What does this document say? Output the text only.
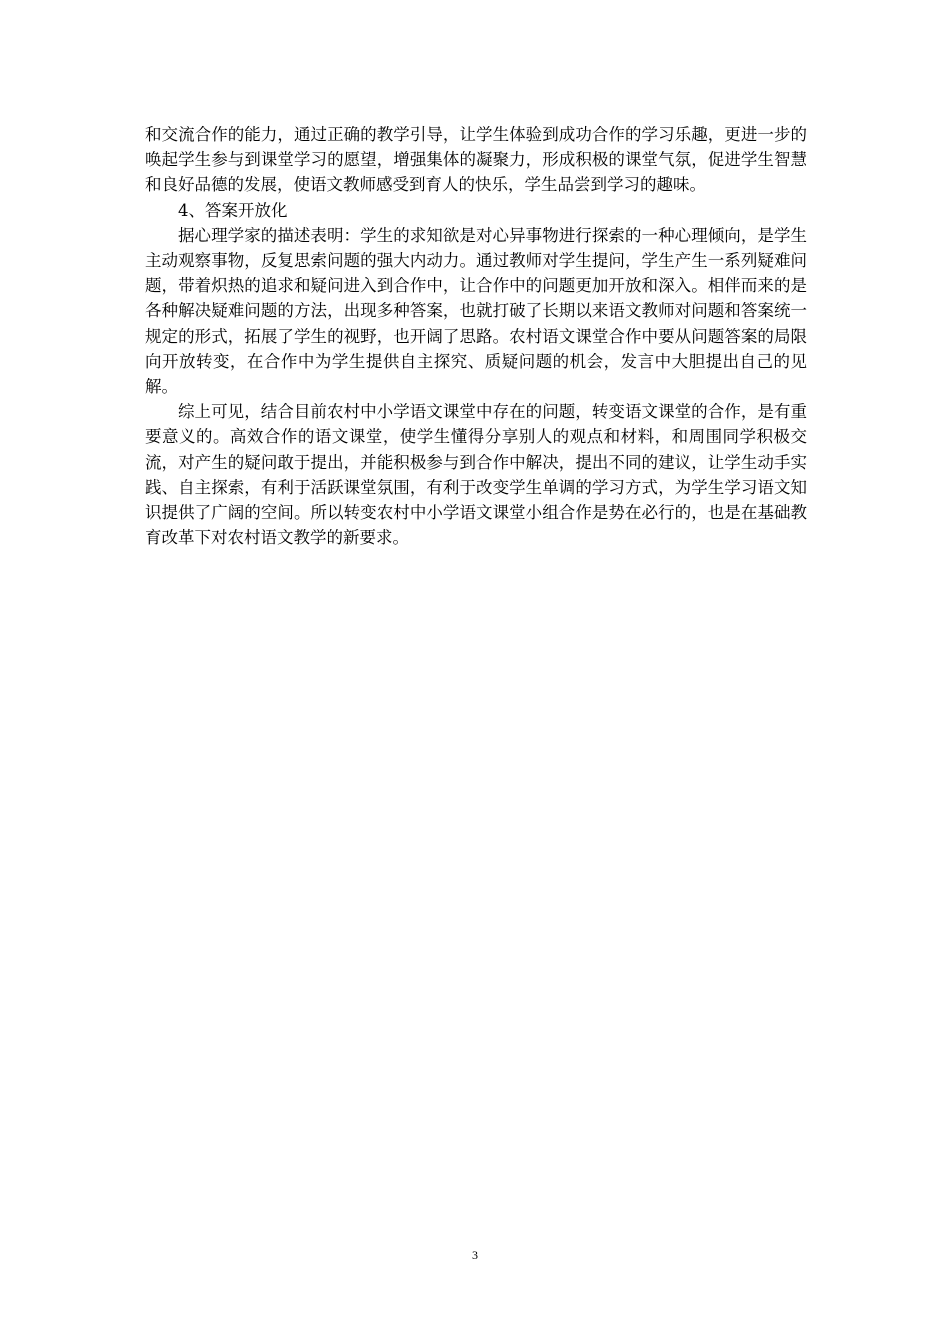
和交流合作的能力，通过正确的教学引导，让学生体验到成功合作的学习乐趣，更进一步的唤起学生参与到课堂学习的愿望，增强集体的凝聚力，形成积极的课堂气氛，促进学生智慧和良好品德的发展，使语文教师感受到育人的快乐，学生品尝到学习的趣味。

4、答案开放化

据心理学家的描述表明：学生的求知欲是对心异事物进行探索的一种心理倾向，是学生主动观察事物，反复思索问题的强大内动力。通过教师对学生提问，学生产生一系列疑难问题，带着炽热的追求和疑问进入到合作中，让合作中的问题更加开放和深入。相伴而来的是各种解决疑难问题的方法，出现多种答案，也就打破了长期以来语文教师对问题和答案统一规定的形式，拓展了学生的视野，也开阔了思路。农村语文课堂合作中要从问题答案的局限向开放转变，在合作中为学生提供自主探究、质疑问题的机会，发言中大胆提出自己的见解。

综上可见，结合目前农村中小学语文课堂中存在的问题，转变语文课堂的合作，是有重要意义的。高效合作的语文课堂，使学生懂得分享别人的观点和材料，和周围同学积极交流，对产生的疑问敢于提出，并能积极参与到合作中解决，提出不同的建议，让学生动手实践、自主探索，有利于活跃课堂氛围，有利于改变学生单调的学习方式，为学生学习语文知识提供了广阔的空间。所以转变农村中小学语文课堂小组合作是势在必行的，也是在基础教育改革下对农村语文教学的新要求。

3
